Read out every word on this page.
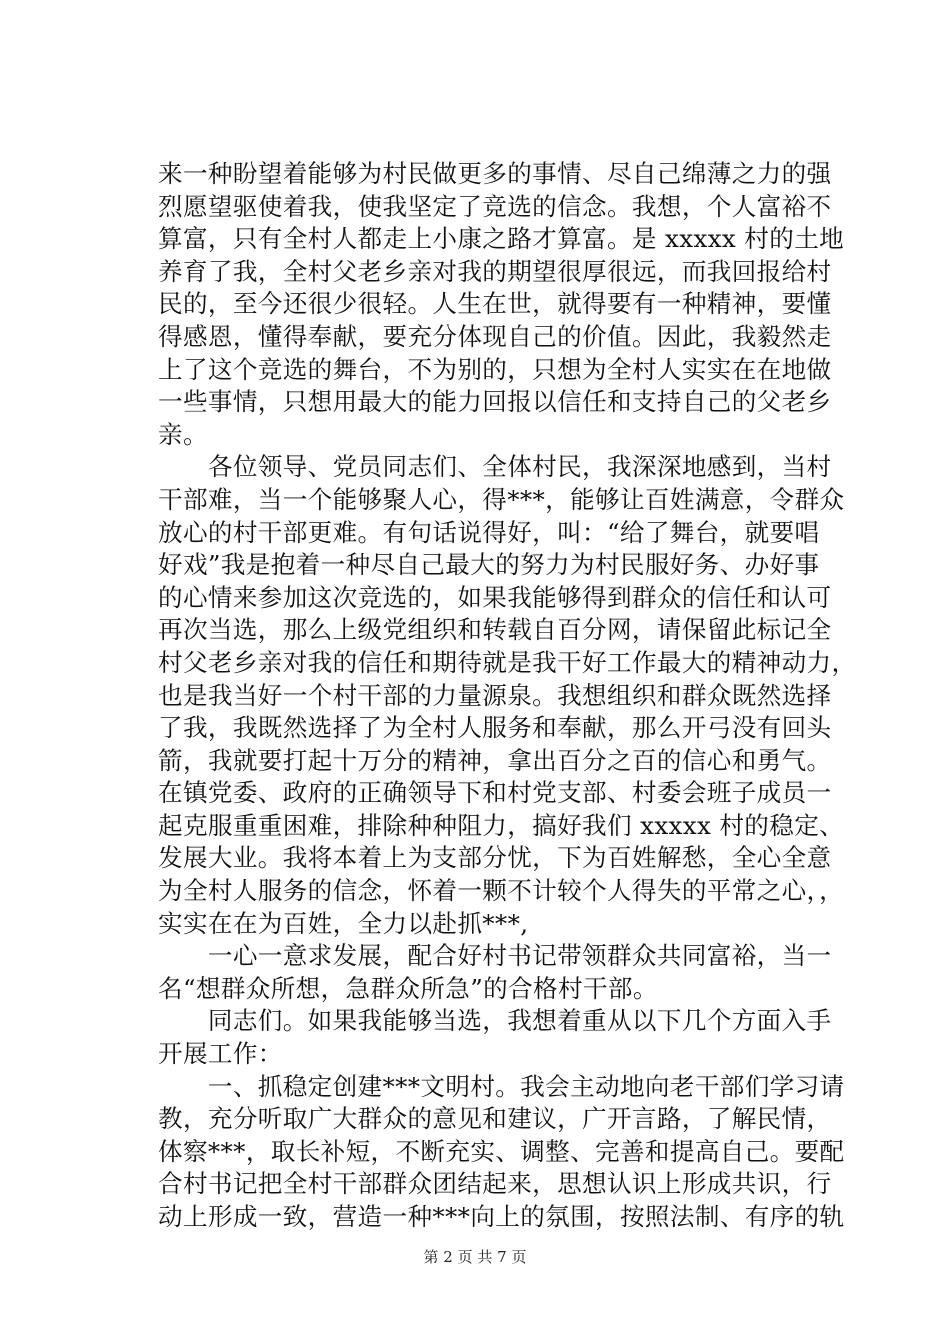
来一种盼望着能够为村民做更多的事情、尽自己绵薄之力的强
烈愿望驱使着我，使我坚定了竞选的信念。我想，个人富裕不
算富，只有全村人都走上小康之路才算富。是 xxxxx 村的土地
养育了我，全村父老乡亲对我的期望很厚很远，而我回报给村
民的，至今还很少很轻。人生在世，就得要有一种精神，要懂
得感恩，懂得奉献，要充分体现自己的价值。因此，我毅然走
上了这个竞选的舞台，不为别的，只想为全村人实实在在地做
一些事情，只想用最大的能力回报以信任和支持自己的父老乡
亲。
　　各位领导、党员同志们、全体村民，我深深地感到，当村
干部难，当一个能够聚人心，得***，能够让百姓满意，令群众
放心的村干部更难。有句话说得好，叫：“给了舞台，就要唱
好戏”我是抱着一种尽自己最大的努力为村民服好务、办好事
的心情来参加这次竞选的，如果我能够得到群众的信任和认可
再次当选，那么上级党组织和转载自百分网，请保留此标记全
村父老乡亲对我的信任和期待就是我干好工作最大的精神动力，
也是我当好一个村干部的力量源泉。我想组织和群众既然选择
了我，我既然选择了为全村人服务和奉献，那么开弓没有回头
箭，我就要打起十万分的精神，拿出百分之百的信心和勇气。
在镇党委、政府的正确领导下和村党支部、村委会班子成员一
起克服重重困难，排除种种阻力，搞好我们 xxxxx 村的稳定、
发展大业。我将本着上为支部分忧，下为百姓解愁，全心全意
为全村人服务的信念，怀着一颗不计较个人得失的平常之心，，
实实在在为百姓，全力以赴抓***,
　　一心一意求发展，配合好村书记带领群众共同富裕，当一
名“想群众所想，急群众所急”的合格村干部。
　　同志们。如果我能够当选，我想着重从以下几个方面入手
开展工作：
　　一、抓稳定创建***文明村。我会主动地向老干部们学习请
教，充分听取广大群众的意见和建议，广开言路，了解民情，
体察***，取长补短，不断充实、调整、完善和提高自己。要配
合村书记把全村干部群众团结起来，思想认识上形成共识，行
动上形成一致，营造一种***向上的氛围，按照法制、有序的轨
第 2 页 共 7 页
